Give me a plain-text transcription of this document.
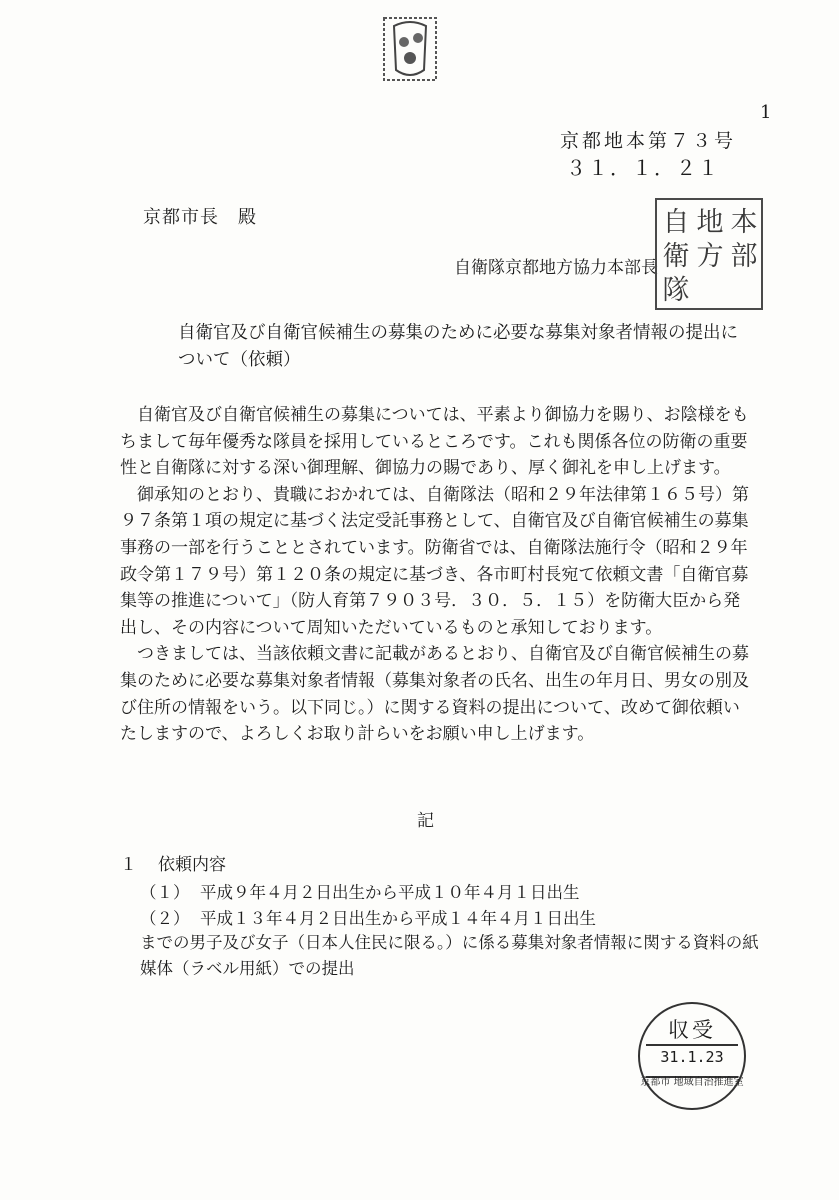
1
京都地本第７３号
３１．１．２１
京都市長　殿
自衛隊京都地方協力本部長
自衛隊
地方
本部
自衛官及び自衛官候補生の募集のために必要な募集対象者情報の提出について（依頼）

自衛官及び自衛官候補生の募集については、平素より御協力を賜り、お陰様をもちまして毎年優秀な隊員を採用しているところです。これも関係各位の防衛の重要性と自衛隊に対する深い御理解、御協力の賜であり、厚く御礼を申し上げます。

御承知のとおり、貴職におかれては、自衛隊法（昭和２９年法律第１６５号）第９７条第１項の規定に基づく法定受託事務として、自衛官及び自衛官候補生の募集事務の一部を行うこととされています。防衛省では、自衛隊法施行令（昭和２９年政令第１７９号）第１２０条の規定に基づき、各市町村長宛て依頼文書「自衛官募集等の推進について」（防人育第７９０３号．３０．５．１５）を防衛大臣から発出し、その内容について周知いただいているものと承知しております。

つきましては、当該依頼文書に記載があるとおり、自衛官及び自衛官候補生の募集のために必要な募集対象者情報（募集対象者の氏名、出生の年月日、男女の別及び住所の情報をいう。以下同じ。）に関する資料の提出について、改めて御依頼いたしますので、よろしくお取り計らいをお願い申し上げます。

記
１ 依頼内容
（１） 平成９年４月２日出生から平成１０年４月１日出生
（２） 平成１３年４月２日出生から平成１４年４月１日出生
までの男子及び女子（日本人住民に限る。）に係る募集対象者情報に関する資料の紙媒体（ラベル用紙）での提出
収受
31.1.23
京都市 地域自治推進室
